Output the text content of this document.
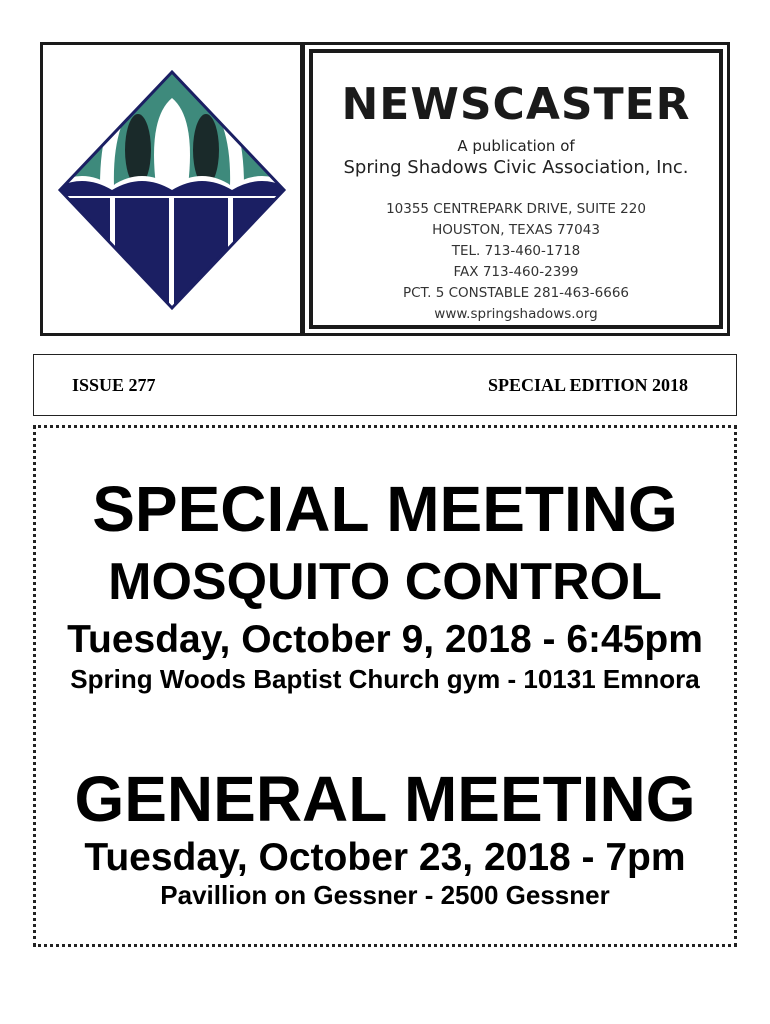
NEWSCASTER
A publication of
Spring Shadows Civic Association, Inc.
10355 CENTREPARK DRIVE, SUITE 220
HOUSTON, TEXAS 77043
TEL. 713-460-1718
FAX 713-460-2399
PCT. 5 CONSTABLE 281-463-6666
www.springshadows.org
ISSUE 277	SPECIAL EDITION 2018
SPECIAL MEETING
MOSQUITO CONTROL
Tuesday, October 9, 2018 - 6:45pm
Spring Woods Baptist Church gym - 10131 Emnora
GENERAL MEETING
Tuesday, October 23, 2018 - 7pm
Pavillion on Gessner - 2500 Gessner
